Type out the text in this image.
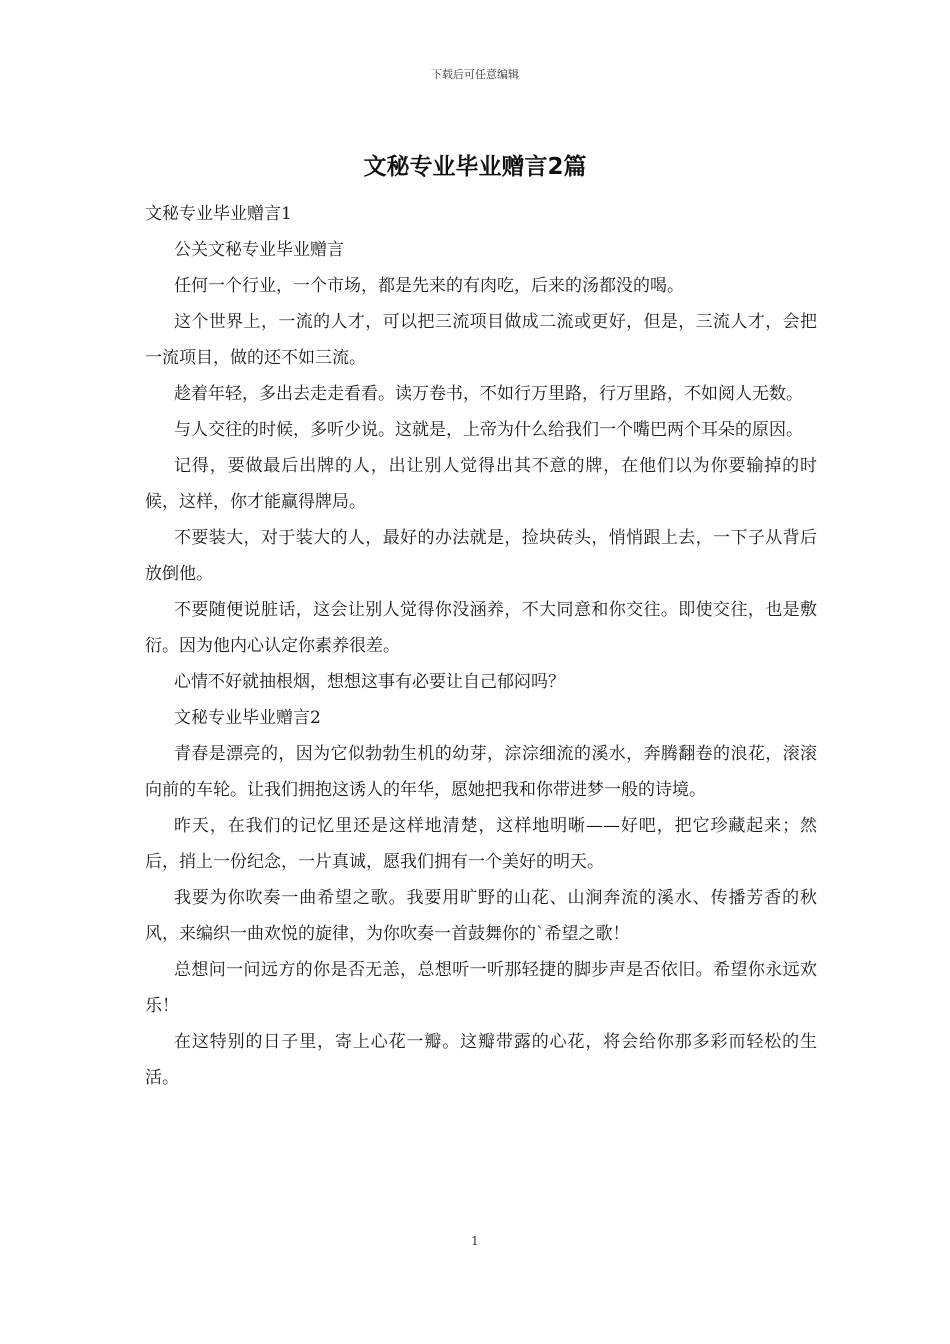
下载后可任意编辑
文秘专业毕业赠言2篇

文秘专业毕业赠言1

公关文秘专业毕业赠言

任何一个行业，一个市场，都是先来的有肉吃，后来的汤都没的喝。

这个世界上，一流的人才，可以把三流项目做成二流或更好，但是，三流人才，会把一流项目，做的还不如三流。

趁着年轻，多出去走走看看。读万卷书，不如行万里路，行万里路，不如阅人无数。

与人交往的时候，多听少说。这就是，上帝为什么给我们一个嘴巴两个耳朵的原因。

记得，要做最后出牌的人，出让别人觉得出其不意的牌，在他们以为你要输掉的时候，这样，你才能赢得牌局。

不要装大，对于装大的人，最好的办法就是，捡块砖头，悄悄跟上去，一下子从背后放倒他。

不要随便说脏话，这会让别人觉得你没涵养，不大同意和你交往。即使交往，也是敷衍。因为他内心认定你素养很差。

心情不好就抽根烟，想想这事有必要让自己郁闷吗？

文秘专业毕业赠言2

青春是漂亮的，因为它似勃勃生机的幼芽，淙淙细流的溪水，奔腾翻卷的浪花，滚滚向前的车轮。让我们拥抱这诱人的年华，愿她把我和你带进梦一般的诗境。

昨天，在我们的记忆里还是这样地清楚，这样地明晰——好吧，把它珍藏起来；然后，捎上一份纪念，一片真诚，愿我们拥有一个美好的明天。

我要为你吹奏一曲希望之歌。我要用旷野的山花、山涧奔流的溪水、传播芳香的秋风，来编织一曲欢悦的旋律，为你吹奏一首鼓舞你的`希望之歌！

总想问一问远方的你是否无恙，总想听一听那轻捷的脚步声是否依旧。希望你永远欢乐！

在这特别的日子里，寄上心花一瓣。这瓣带露的心花，将会给你那多彩而轻松的生活。

1
